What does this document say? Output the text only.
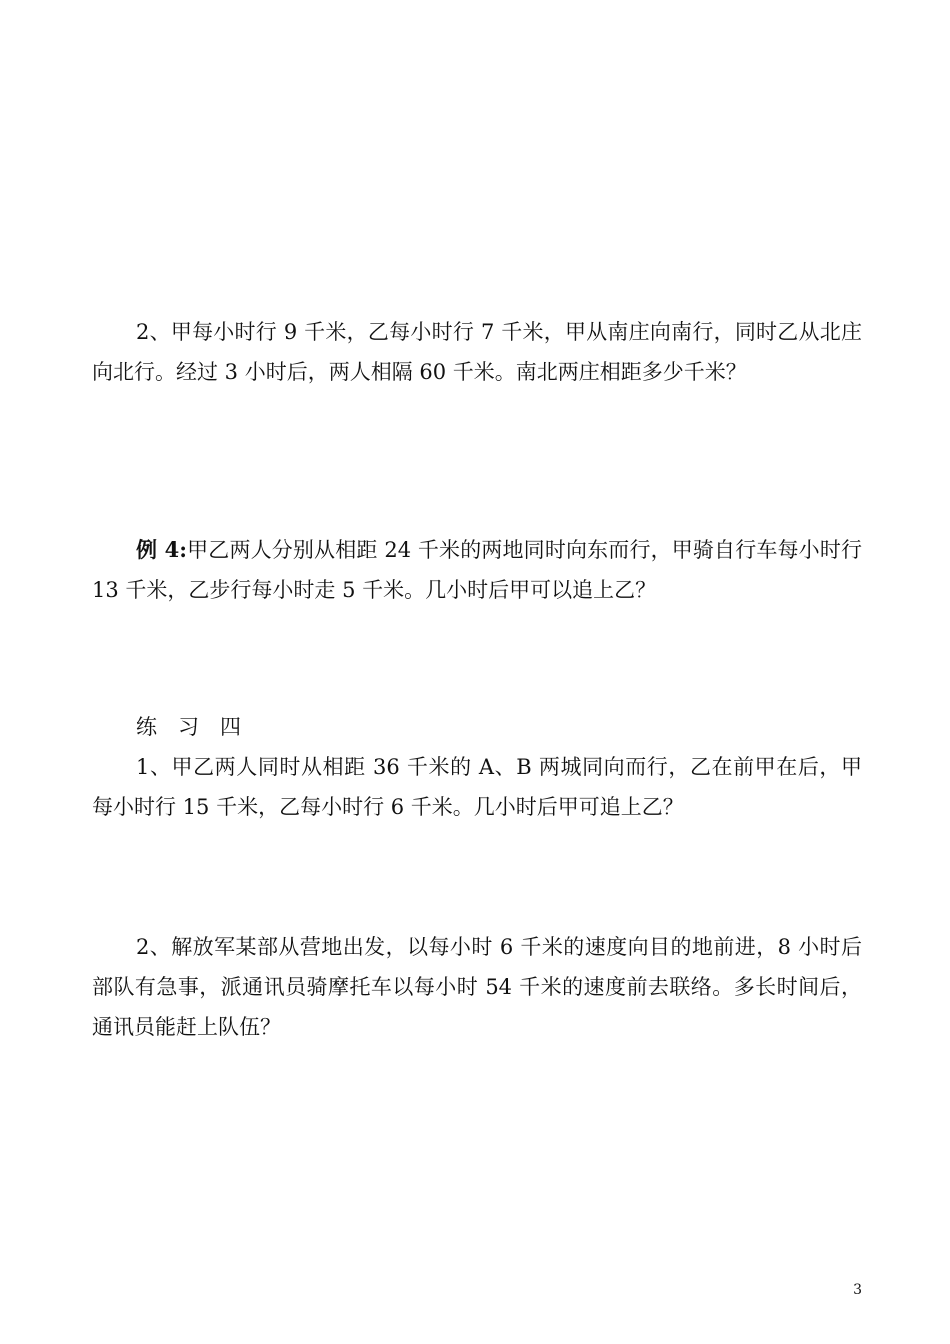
2、甲每小时行 9 千米，乙每小时行 7 千米，甲从南庄向南行，同时乙从北庄向北行。经过 3 小时后，两人相隔 60 千米。南北两庄相距多少千米？

例 4:甲乙两人分别从相距 24 千米的两地同时向东而行，甲骑自行车每小时行 13 千米，乙步行每小时走 5 千米。几小时后甲可以追上乙？

练　习　四

1、甲乙两人同时从相距 36 千米的 A、B 两城同向而行，乙在前甲在后，甲每小时行 15 千米，乙每小时行 6 千米。几小时后甲可追上乙？

2、解放军某部从营地出发，以每小时 6 千米的速度向目的地前进，8 小时后部队有急事，派通讯员骑摩托车以每小时 54 千米的速度前去联络。多长时间后，通讯员能赶上队伍？

3
